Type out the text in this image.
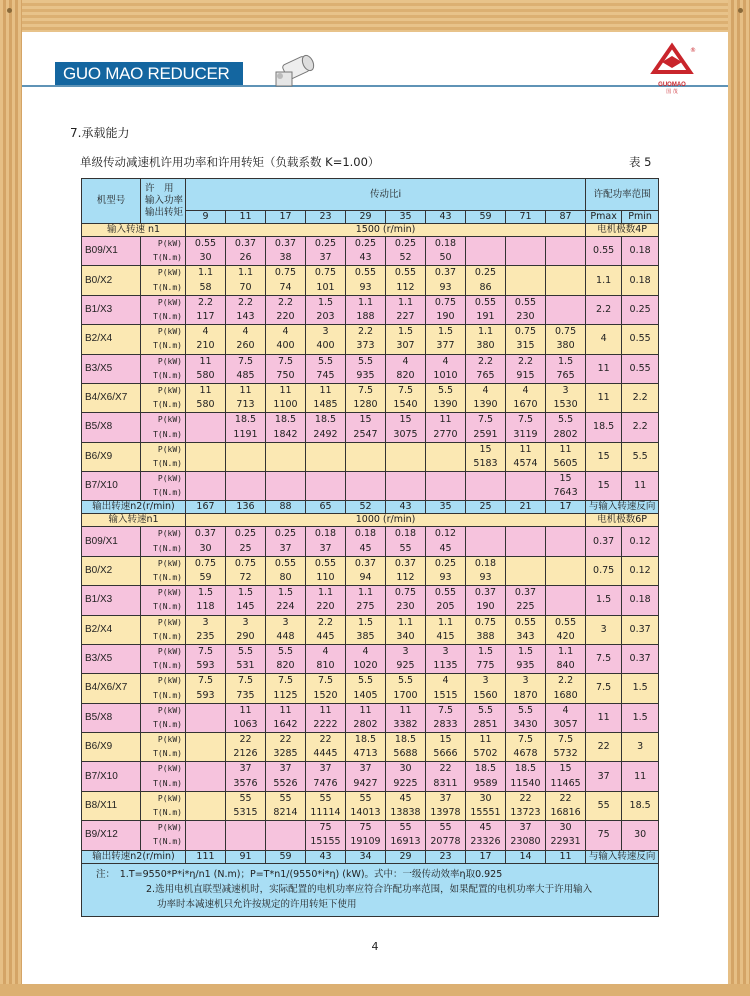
GUO MAO REDUCER
®
GUOMAO
国 茂
7.承载能力
单级传动减速机许用功率和许用转矩（负载系数 K=1.00）	表 5
机型号	许　用
输入功率
输出转矩	传动比i										许配功率范围	
		9	11	17	23	29	35	43	59	71	87	Pmax	Pmin
输入转速 n1		1500 (r/min)										电机极数4P	
B09/X1	P(kW)	0.55	0.37	0.37	0.25	0.25	0.25	0.18				0.55	0.18
	T(N.m)	30	26	38	37	43	52	50					
B0/X2	P(kW)	1.1	1.1	0.75	0.75	0.55	0.55	0.37	0.25			1.1	0.18
	T(N.m)	58	70	74	101	93	112	93	86				
B1/X3	P(kW)	2.2	2.2	2.2	1.5	1.1	1.1	0.75	0.55	0.55		2.2	0.25
	T(N.m)	117	143	220	203	188	227	190	191	230			
B2/X4	P(kW)	4	4	4	3	2.2	1.5	1.5	1.1	0.75	0.75	4	0.55
	T(N.m)	210	260	400	400	373	307	377	380	315	380		
B3/X5	P(kW)	11	7.5	7.5	5.5	5.5	4	4	2.2	2.2	1.5	11	0.55
	T(N.m)	580	485	750	745	935	820	1010	765	915	765		
B4/X6/X7	P(kW)	11	11	11	11	7.5	7.5	5.5	4	4	3	11	2.2
	T(N.m)	580	713	1100	1485	1280	1540	1390	1390	1670	1530		
B5/X8	P(kW)		18.5	18.5	18.5	15	15	11	7.5	7.5	5.5	18.5	2.2
	T(N.m)		1191	1842	2492	2547	3075	2770	2591	3119	2802		
B6/X9	P(kW)								15	11	11	15	5.5
	T(N.m)								5183	4574	5605		
B7/X10	P(kW)										15	15	11
	T(N.m)										7643		
输出转速n2(r/min)		167	136	88	65	52	43	35	25	21	17	与输入转速反向	
输入转速n1		1000 (r/min)										电机极数6P	
B09/X1	P(kW)	0.37	0.25	0.25	0.18	0.18	0.18	0.12				0.37	0.12
	T(N.m)	30	25	37	37	45	55	45					
B0/X2	P(kW)	0.75	0.75	0.55	0.55	0.37	0.37	0.25	0.18			0.75	0.12
	T(N.m)	59	72	80	110	94	112	93	93				
B1/X3	P(kW)	1.5	1.5	1.5	1.1	1.1	0.75	0.55	0.37	0.37		1.5	0.18
	T(N.m)	118	145	224	220	275	230	205	190	225			
B2/X4	P(kW)	3	3	3	2.2	1.5	1.1	1.1	0.75	0.55	0.55	3	0.37
	T(N.m)	235	290	448	445	385	340	415	388	343	420		
B3/X5	P(kW)	7.5	5.5	5.5	4	4	3	3	1.5	1.5	1.1	7.5	0.37
	T(N.m)	593	531	820	810	1020	925	1135	775	935	840		
B4/X6/X7	P(kW)	7.5	7.5	7.5	7.5	5.5	5.5	4	3	3	2.2	7.5	1.5
	T(N.m)	593	735	1125	1520	1405	1700	1515	1560	1870	1680		
B5/X8	P(kW)		11	11	11	11	11	7.5	5.5	5.5	4	11	1.5
	T(N.m)		1063	1642	2222	2802	3382	2833	2851	3430	3057		
B6/X9	P(kW)		22	22	22	18.5	18.5	15	11	7.5	7.5	22	3
	T(N.m)		2126	3285	4445	4713	5688	5666	5702	4678	5732		
B7/X10	P(kW)		37	37	37	37	30	22	18.5	18.5	15	37	11
	T(N.m)		3576	5526	7476	9427	9225	8311	9589	11540	11465		
B8/X11	P(kW)		55	55	55	55	45	37	30	22	22	55	18.5
	T(N.m)		5315	8214	11114	14013	13838	13978	15551	13723	16816		
B9/X12	P(kW)				75	75	55	55	45	37	30	75	30
	T(N.m)				15155	19109	16913	20778	23326	23080	22931		
输出转速n2(r/min)		111	91	59	43	34	29	23	17	14	11	与输入转速反向	

注：　1.T=9550*P*i*η/n1 (N.m)；P=T*n1/(9550*i*η) (kW)。式中：一级传动效率η取0.925
2.选用电机直联型减速机时，实际配置的电机功率应符合许配功率范围，如果配置的电机功率大于许用输入
功率时本减速机只允许按规定的许用转矩下使用													
4
